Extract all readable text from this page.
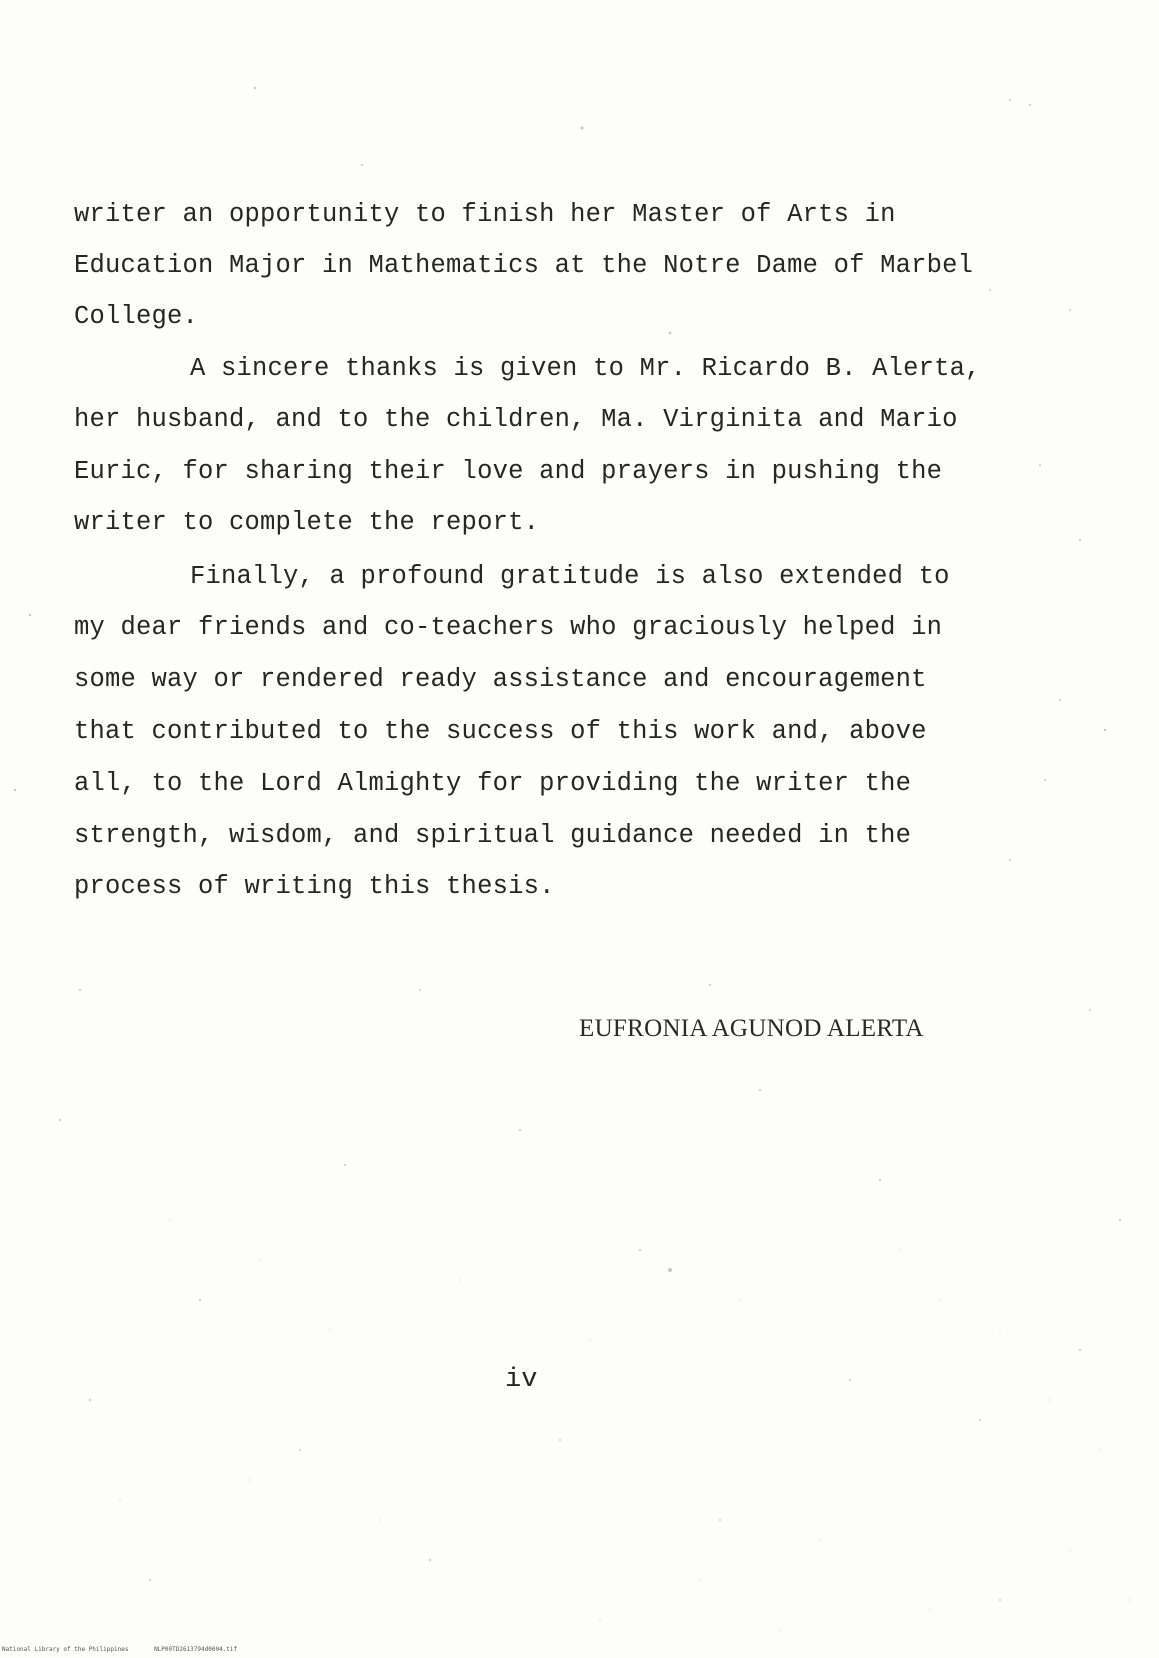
writer an opportunity to finish her Master of Arts in
Education Major in Mathematics at the Notre Dame of Marbel
College.
A sincere thanks is given to Mr. Ricardo B. Alerta,
her husband, and to the children, Ma. Virginita and Mario
Euric, for sharing their love and prayers in pushing the
writer to complete the report.
Finally, a profound gratitude is also extended to
my dear friends and co-teachers who graciously helped in
some way or rendered ready assistance and encouragement
that contributed to the success of this work and, above
all, to the Lord Almighty for providing the writer the
strength, wisdom, and spiritual guidance needed in the
process of writing this thesis.
EUFRONIA AGUNOD ALERTA
iv
National Library of the Philippines	NLP00TD2613794d0004.tif
